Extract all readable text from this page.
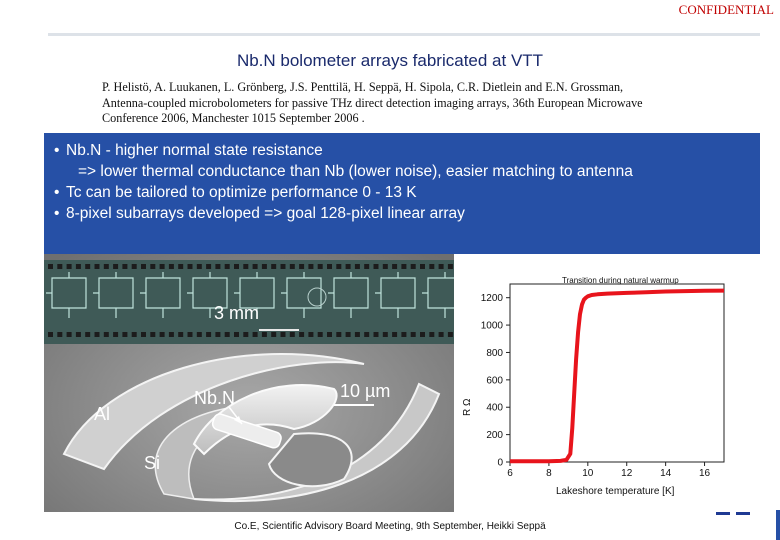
CONFIDENTIAL
Nb.N bolometer arrays fabricated at VTT
P. Helistö, A. Luukanen, L. Grönberg, J.S. Penttilä, H. Seppä, H. Sipola, C.R. Dietlein and E.N. Grossman, Antenna-coupled microbolometers for passive THz direct detection imaging arrays, 36th European Microwave Conference 2006, Manchester 1015 September 2006 .
• Nb.N - higher normal state resistance
=> lower thermal conductance than Nb (lower noise), easier matching to antenna
• Tc can be tailored to optimize performance 0 - 13 K
• 8-pixel subarrays developed => goal 128-pixel linear array
3 mm
10 µm
Nb.N
Al
Si
6	8	10	12	14	16
0
200
400
600
800
1000
1200
Transition during natural warmup
Lakeshore temperature [K]
R Ω
Co.E, Scientific Advisory Board Meeting, 9th September, Heikki Seppä
